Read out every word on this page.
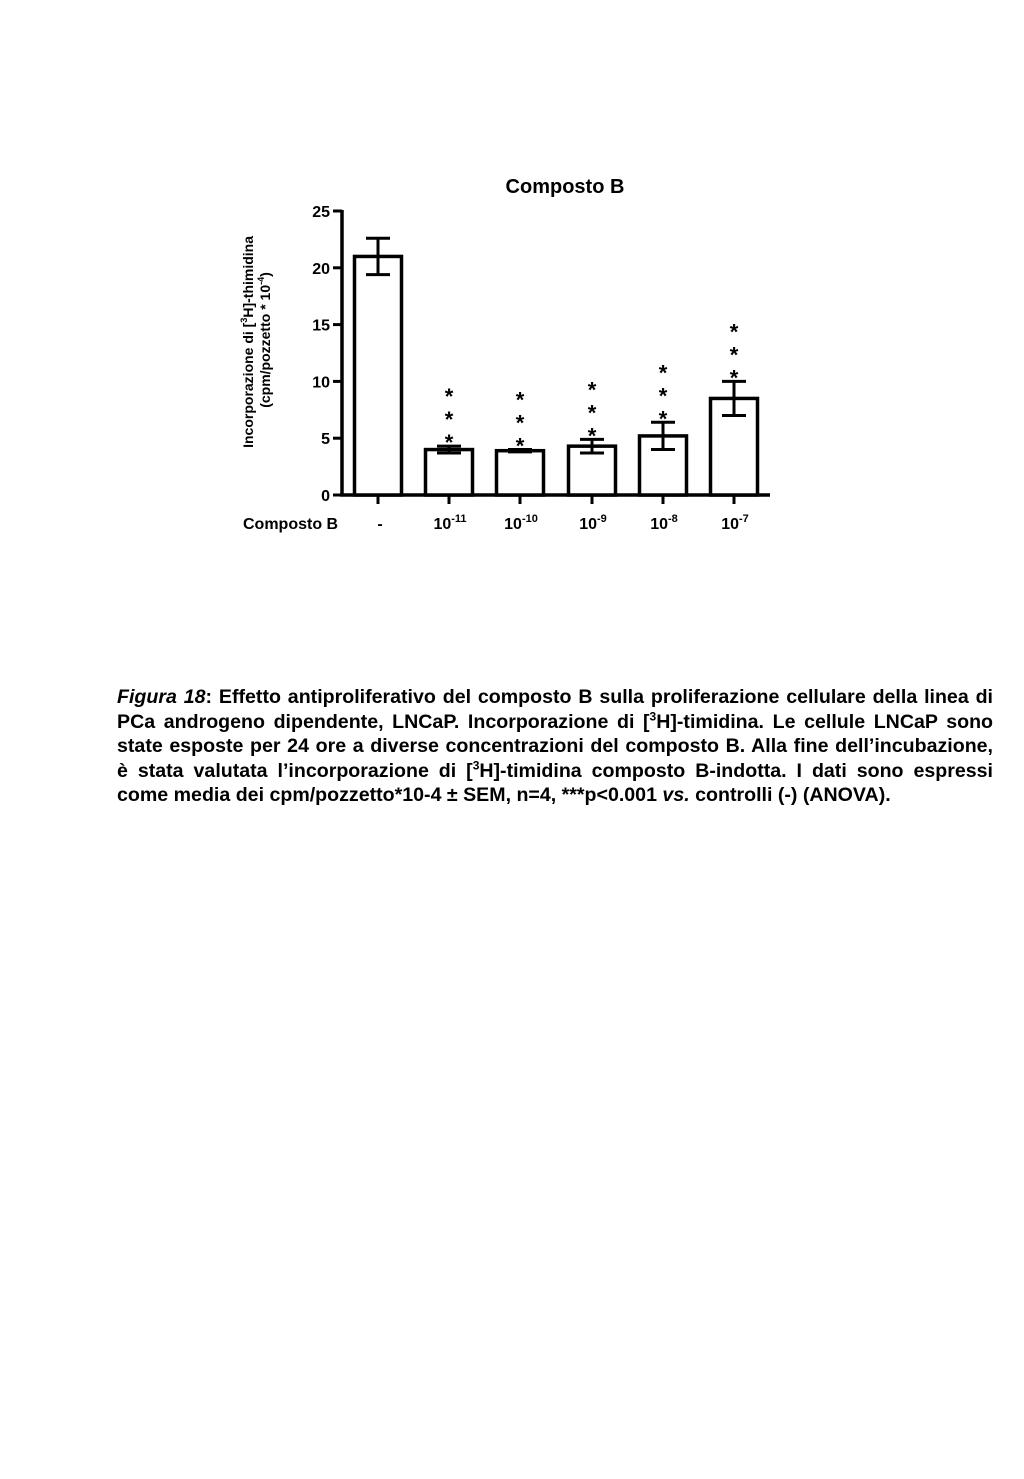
Composto B
Incorporazione di [$^3$H]-thimidina (cpm/pozzetto * $10^{-4}$)
0
5
10
15
20
25
*
*
*
*
*
*
*
*
*
*
*
*
*
*
*
-	$10^{-11}$ $10^{-10}$	$10^{-9}$	$10^{-8}$	$10^{-7}$
Composto B
Figura 18: Effetto antiproliferativo del composto B sulla proliferazione cellulare della linea di PCa androgeno dipendente, LNCaP. Incorporazione di [$^3$H]-timidina. Le cellule LNCaP sono state esposte per 24 ore a diverse concentrazioni del composto B. Alla fine dell’incubazione, è stata valutata l’incorporazione di [$^3$H]-timidina composto B-indotta. I dati sono espressi come media dei cpm/pozzetto*10-4 ± SEM, n=4, ***p<0.001 vs. controlli (-) (ANOVA).
